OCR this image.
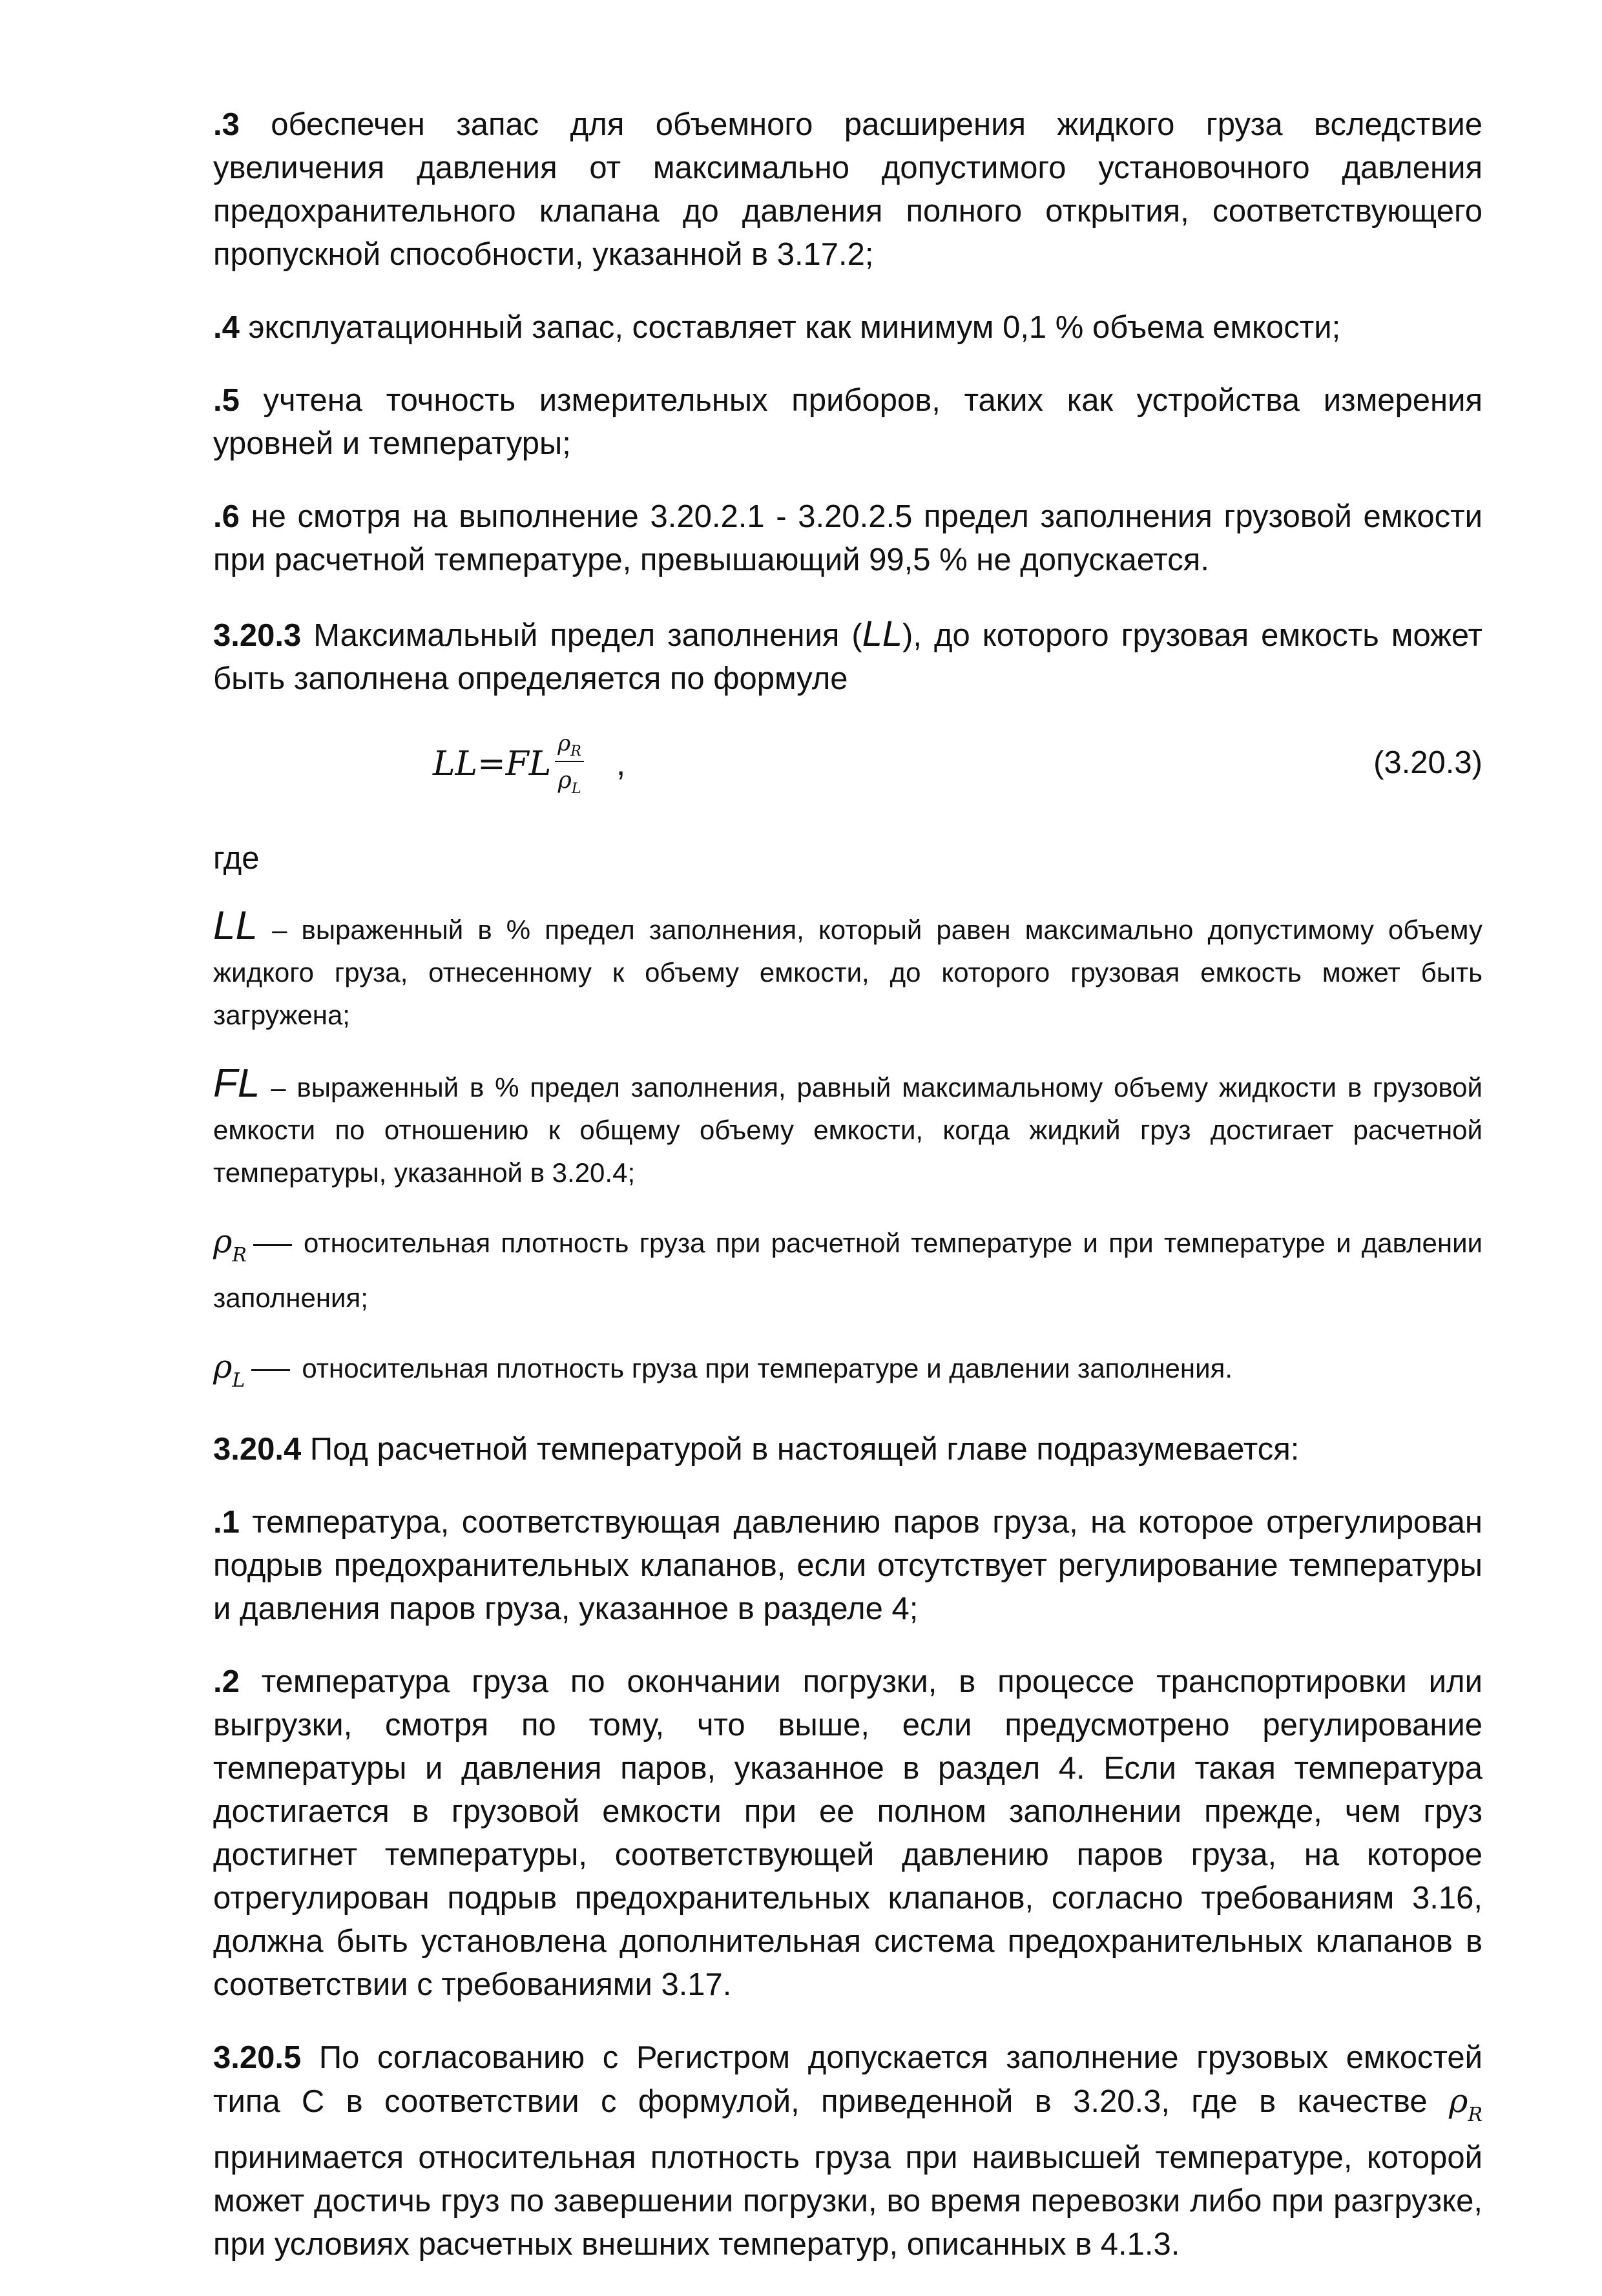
.3 обеспечен запас для объемного расширения жидкого груза вследствие увеличения давления от максимально допустимого установочного давления предохранительного клапана до давления полного открытия, соответствующего пропускной способности, указанной в 3.17.2;

.4 эксплуатационный запас, составляет как минимум 0,1 % объема емкости;

.5 учтена точность измерительных приборов, таких как устройства измерения уровней и температуры;

.6 не смотря на выполнение 3.20.2.1 - 3.20.2.5 предел заполнения грузовой емкости при расчетной температуре, превышающий 99,5 % не допускается.

3.20.3 Максимальный предел заполнения (LL), до которого грузовая емкость может быть заполнена определяется по формуле

LL = FL $\frac{\rho_R}{\rho_L}$ ,	(3.20.3)

где

LL – выраженный в % предел заполнения, который равен максимально допустимому объему жидкого груза, отнесенному к объему емкости, до которого грузовая емкость может быть загружена;

FL – выраженный в % предел заполнения, равный максимальному объему жидкости в грузовой емкости по отношению к общему объему емкости, когда жидкий груз достигает расчетной температуры, указанной в 3.20.4;

$\rho_R$ относительная плотность груза при расчетной температуре и при температуре и давлении заполнения;

$\rho_L$ относительная плотность груза при температуре и давлении заполнения.

3.20.4 Под расчетной температурой в настоящей главе подразумевается:

.1 температура, соответствующая давлению паров груза, на которое отрегулирован подрыв предохранительных клапанов, если отсутствует регулирование температуры и давления паров груза, указанное в разделе 4;

.2 температура груза по окончании погрузки, в процессе транспортировки или выгрузки, смотря по тому, что выше, если предусмотрено регулирование температуры и давления паров, указанное в раздел 4. Если такая температура достигается в грузовой емкости при ее полном заполнении прежде, чем груз достигнет температуры, соответствующей давлению паров груза, на которое отрегулирован подрыв предохранительных клапанов, согласно требованиям 3.16, должна быть установлена дополнительная система предохранительных клапанов в соответствии с требованиями 3.17.

3.20.5 По согласованию с Регистром допускается заполнение грузовых емкостей типа С в соответствии с формулой, приведенной в 3.20.3, где в качестве $\rho_R$ принимается относительная плотность груза при наивысшей температуре, которой может достичь груз по завершении погрузки, во время перевозки либо при разгрузке, при условиях расчетных внешних температур, описанных в 4.1.3.
